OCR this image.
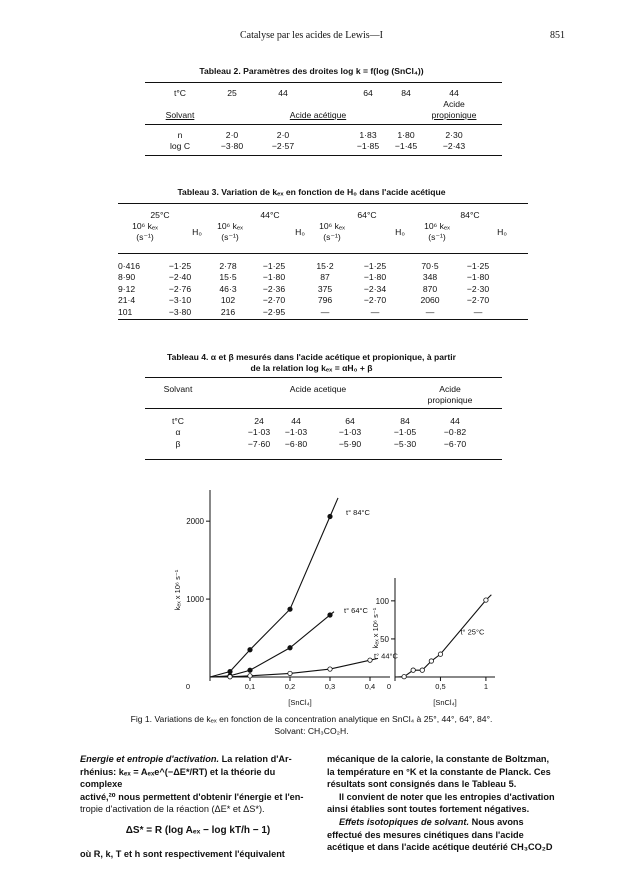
Catalyse par les acides de Lewis—I	851
Tableau 2. Paramètres des droites log k = f(log (SnCl₄))
t°C	25	44	64	84	44
Acide
Solvant	Acide acétique	propionique
n	2·0	2·0	1·83 1·80	2·30
log C	−3·80	−2·57	−1·85 −1·45	−2·43
Tableau 3. Variation de kₑₓ en fonction de H₀ dans l'acide acétique
25°C
10⁶ kₑₓ
(s⁻¹)	H₀
44°C
10⁶ kₑₓ
(s⁻¹)	H₀
64°C
10⁶ kₑₓ
(s⁻¹)	H₀
84°C
10⁶ kₑₓ
(s⁻¹)	H₀
0·416	−1·25	2·78	−1·25	15·2	−1·25	70·5	−1·25
8·90	−2·40	15·5	−1·80	87	−1·80	348	−1·80
9·12	−2·76	46·3	−2·36	375	−2·34	870	−2·30
21·4	−3·10	102	−2·70	796	−2·70	2060	−2·70
101	−3·80	216	−2·95	—	—	—	—
Tableau 4. α et β mesurés dans l'acide acétique et propionique, à partir
de la relation log kₑₓ = αH₀ + β
Solvant	Acide acetique	Acide
propionique
t°C	24	44	64	84	44
α	−1·03 −1·03	−1·03	−1·05	−0·82
β	−7·60 −6·80	−5·90	−5·30	−6·70
1000
2000
0	0,1	0,2	0,3	0,4
[SnCl₄]
kₑₓ x 10⁶ s⁻¹
t° 84°C
t° 64°C
t° 44°C
50
100
0	0,5	1
[SnCl₄]
kₑₓ x 10⁶ s⁻¹	t° 25°C
Fig 1. Variations de kₑₓ en fonction de la concentration analytique en SnCl₄ à 25°, 44°, 64°, 84°.
Solvant: CH₃CO₂H.

Energie et entropie d'activation. La relation d'Ar-

rhénius: kₑₓ = Aₑₓe^(−ΔE*/RT) et la théorie du complexe

activé,²⁰ nous permettent d'obtenir l'énergie et l'en-

tropie d'activation de la réaction (ΔE* et ΔS*).

ΔS* = R (log Aₑₓ − log kT/h − 1)

où R, k, T et h sont respectivement l'équivalent

mécanique de la calorie, la constante de Boltzman,

la température en °K et la constante de Planck. Ces

résultats sont consignés dans le Tableau 5.

Il convient de noter que les entropies d'activation

ainsi établies sont toutes fortement négatives.

Effets isotopiques de solvant. Nous avons

effectué des mesures cinétiques dans l'acide

acétique et dans l'acide acétique deutérié CH₃CO₂D
